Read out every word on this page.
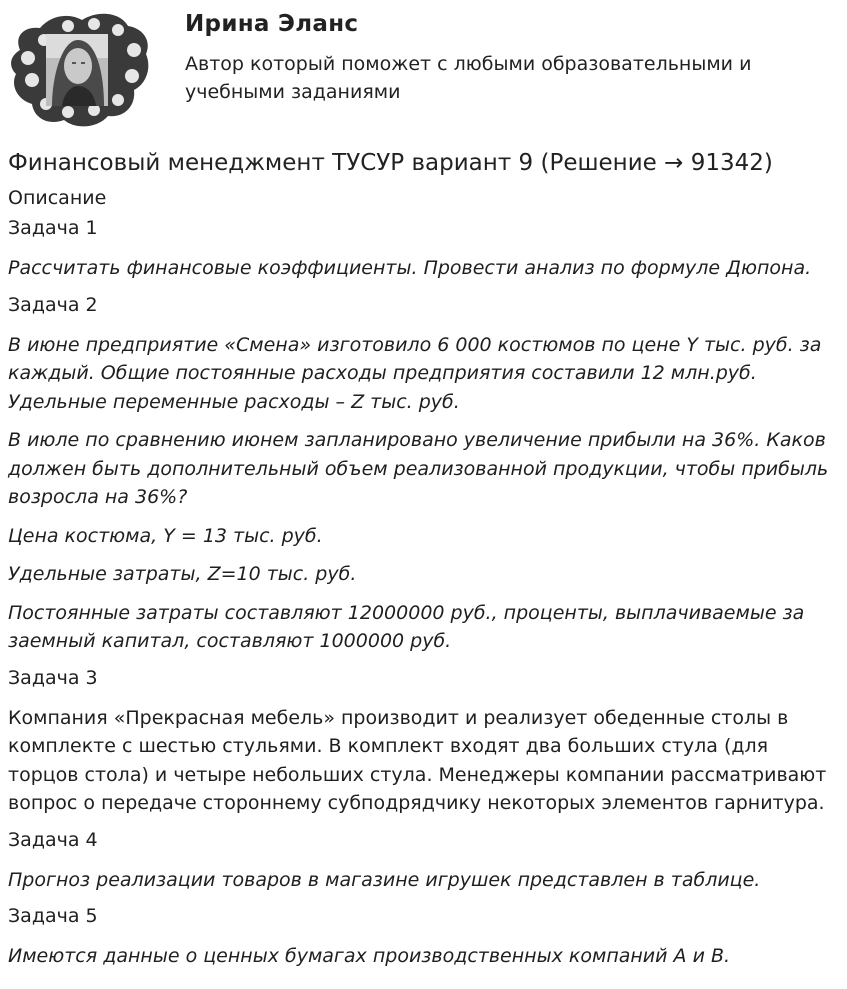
Ирина Эланс
Автор который поможет с любыми образовательными и учебными заданиями
Финансовый менеджмент ТУСУР вариант 9 (Решение → 91342)
Описание
Задача 1

Рассчитать финансовые коэффициенты. Провести анализ по формуле Дюпона.

Задача 2

В июне предприятие «Смена» изготовило 6 000 костюмов по цене Y тыс. руб. за каждый. Общие постоянные расходы предприятия составили 12 млн.руб. Удельные переменные расходы – Z тыс. руб.

В июле по сравнению июнем запланировано увеличение прибыли на 36%. Каков должен быть дополнительный объем реализованной продукции, чтобы прибыль возросла на 36%?

Цена костюма, Y = 13 тыс. руб.

Удельные затраты, Z=10 тыс. руб.

Постоянные затраты составляют 12000000 руб., проценты, выплачиваемые за заемный капитал, составляют 1000000 руб.

Задача 3

Компания «Прекрасная мебель» производит и реализует обеденные столы в комплекте с шестью стульями. В комплект входят два больших стула (для торцов стола) и четыре небольших стула. Менеджеры компании рассматривают вопрос о передаче стороннему субподрядчику некоторых элементов гарнитура.

Задача 4

Прогноз реализации товаров в магазине игрушек представлен в таблице.

Задача 5

Имеются данные о ценных бумагах производственных компаний А и В.
